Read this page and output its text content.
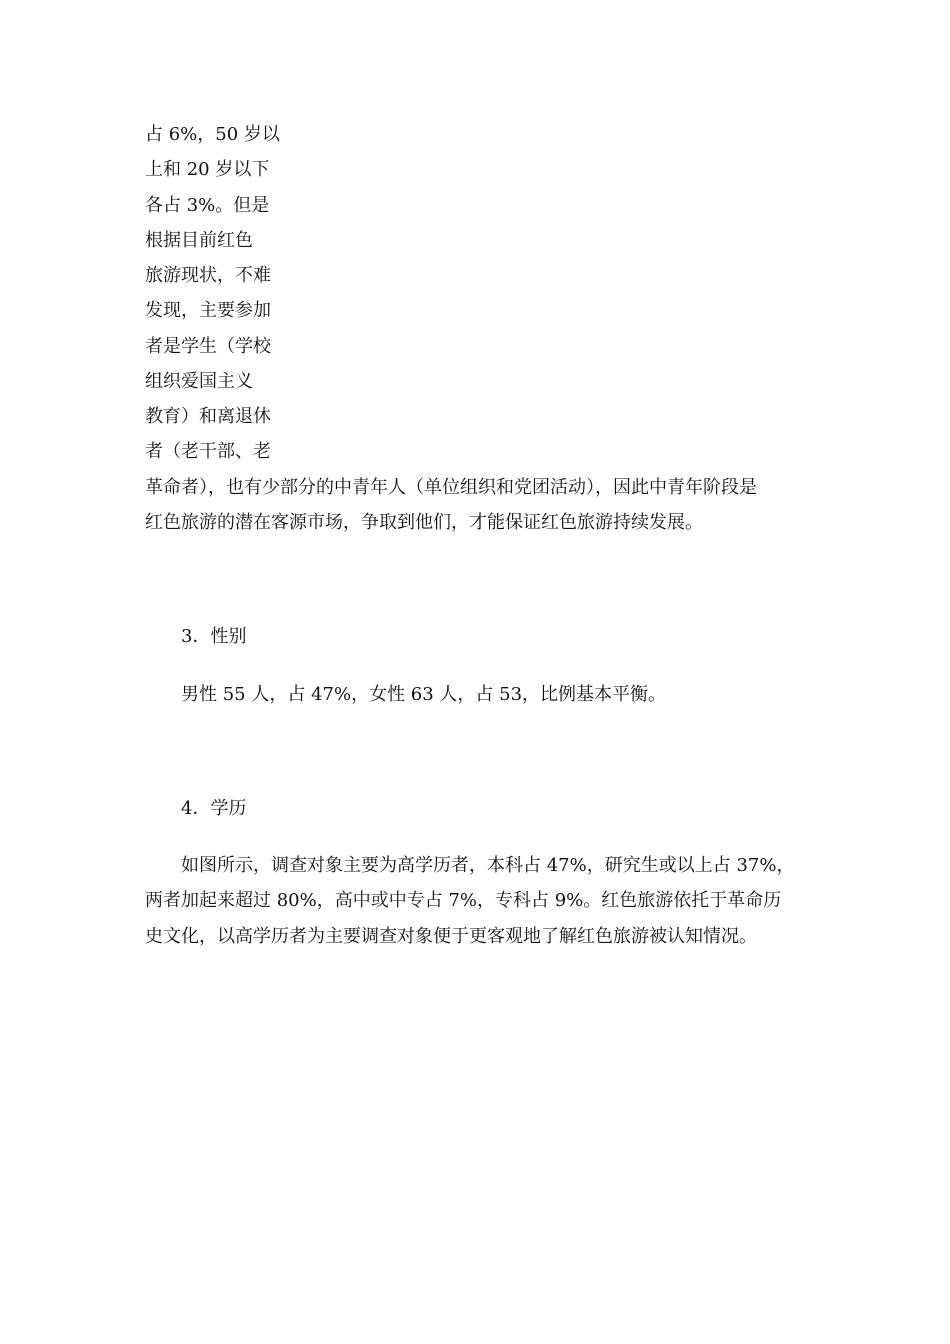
占 6%，50 岁以
上和 20 岁以下
各占 3%。但是
根据目前红色
旅游现状，不难
发现，主要参加
者是学生（学校
组织爱国主义
教育）和离退休
者（老干部、老
革命者），也有少部分的中青年人（单位组织和党团活动），因此中青年阶段是
红色旅游的潜在客源市场，争取到他们，才能保证红色旅游持续发展。
3．性别
男性 55 人，占 47%，女性 63 人，占 53，比例基本平衡。
4．学历
如图所示，调查对象主要为高学历者，本科占 47%，研究生或以上占 37%，
两者加起来超过 80%，高中或中专占 7%，专科占 9%。红色旅游依托于革命历
史文化，以高学历者为主要调查对象便于更客观地了解红色旅游被认知情况。
